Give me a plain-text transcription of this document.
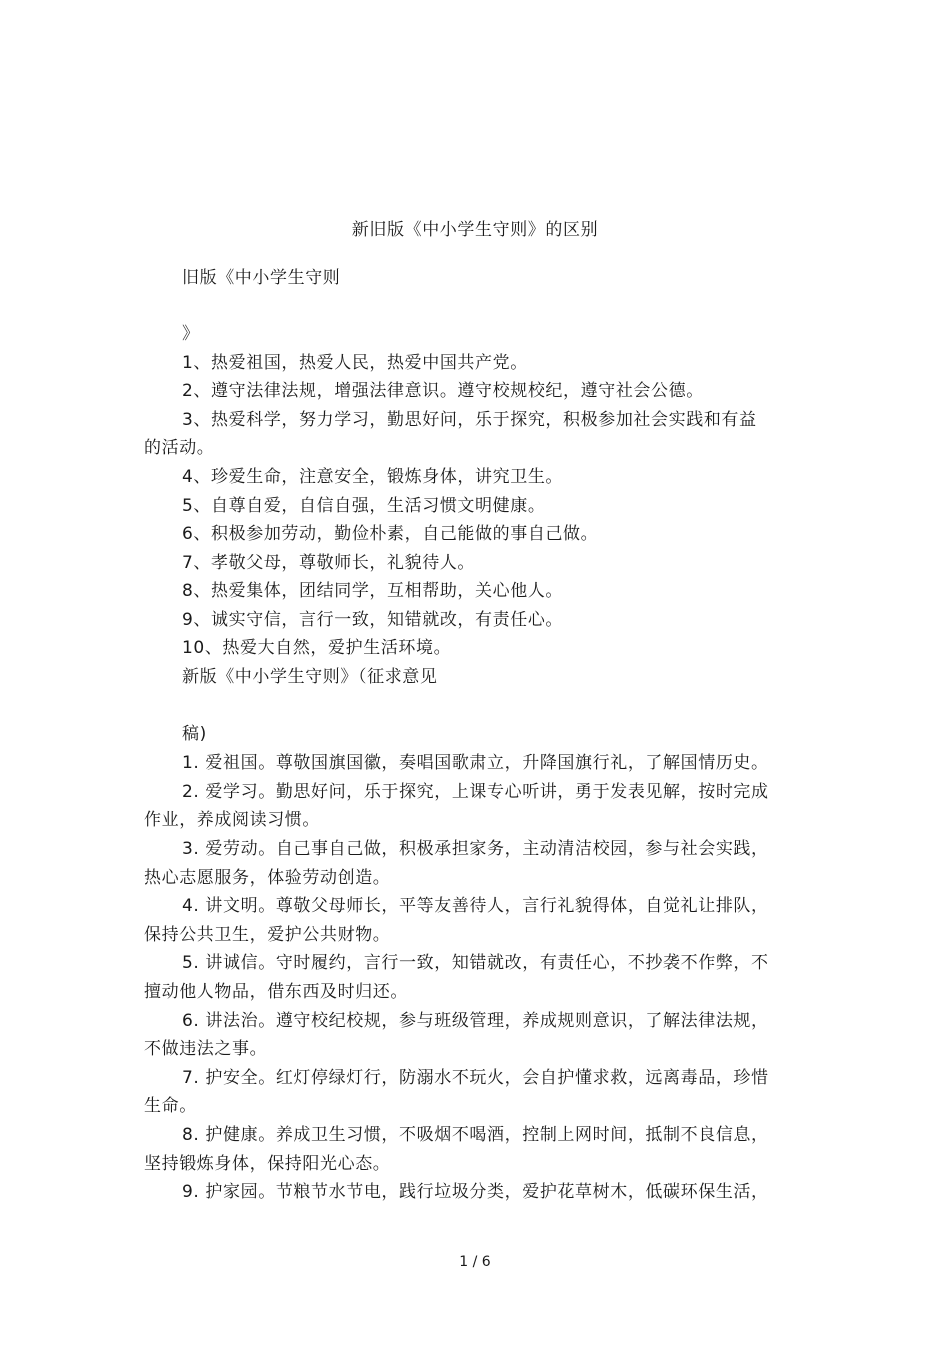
新旧版《中小学生守则》的区别
旧版《中小学生守则
》
1、热爱祖国，热爱人民，热爱中国共产党。
2、遵守法律法规，增强法律意识。遵守校规校纪，遵守社会公德。
3、热爱科学，努力学习，勤思好问，乐于探究，积极参加社会实践和有益
的活动。
4、珍爱生命，注意安全，锻炼身体，讲究卫生。
5、自尊自爱，自信自强，生活习惯文明健康。
6、积极参加劳动，勤俭朴素，自己能做的事自己做。
7、孝敬父母，尊敬师长，礼貌待人。
8、热爱集体，团结同学，互相帮助，关心他人。
9、诚实守信，言行一致，知错就改，有责任心。
10、热爱大自然，爱护生活环境。
新版《中小学生守则》（征求意见
稿)
1. 爱祖国。尊敬国旗国徽，奏唱国歌肃立，升降国旗行礼，了解国情历史。
2. 爱学习。勤思好问，乐于探究，上课专心听讲，勇于发表见解，按时完成
作业，养成阅读习惯。
3. 爱劳动。自己事自己做，积极承担家务，主动清洁校园，参与社会实践，
热心志愿服务，体验劳动创造。
4. 讲文明。尊敬父母师长，平等友善待人，言行礼貌得体，自觉礼让排队，
保持公共卫生，爱护公共财物。
5. 讲诚信。守时履约，言行一致，知错就改，有责任心，不抄袭不作弊，不
擅动他人物品，借东西及时归还。
6. 讲法治。遵守校纪校规，参与班级管理，养成规则意识，了解法律法规，
不做违法之事。
7. 护安全。红灯停绿灯行，防溺水不玩火，会自护懂求救，远离毒品，珍惜
生命。
8. 护健康。养成卫生习惯，不吸烟不喝酒，控制上网时间，抵制不良信息，
坚持锻炼身体，保持阳光心态。
9. 护家园。节粮节水节电，践行垃圾分类，爱护花草树木，低碳环保生活，
1 / 6
